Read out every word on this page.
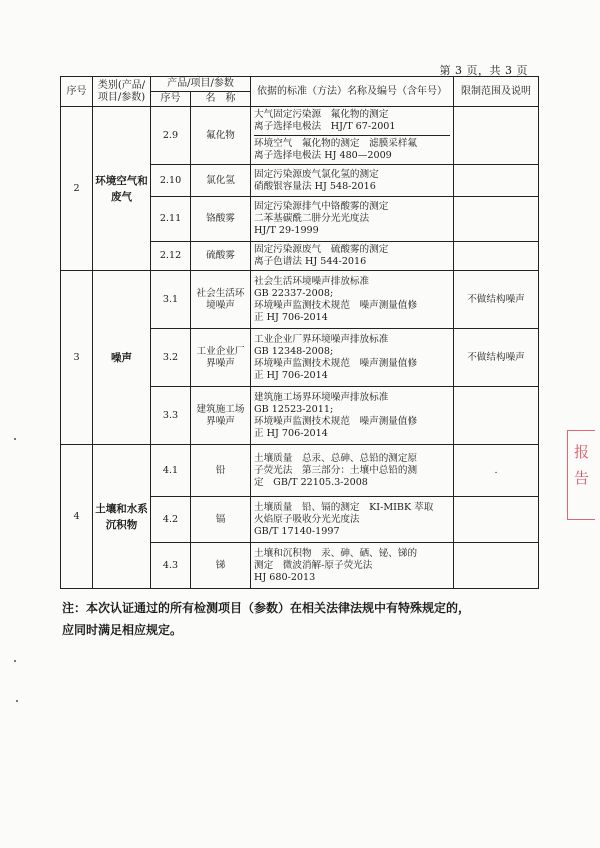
第 3 页，共 3 页
序号	类别(产品/项目/参数)	产品/项目/参数		依据的标准（方法）名称及编号（含年号）	限制范围及说明
		序号	名　称		
2	环境空气和废气	2.9	氟化物	大气固定污染源　氟化物的测定
离子选择电极法　HJ/T 67-2001
环境空气　氟化物的测定　滤膜采样氟
离子选择电极法 HJ 480—2009	

		2.10	氯化氢	固定污染源废气氯化氢的测定
硝酸银容量法 HJ 548-2016	

		2.11	铬酸雾	固定污染源排气中铬酸雾的测定
二苯基碳酰二肼分光光度法
HJ/T 29-1999	

		2.12	硫酸雾	固定污染源废气　硫酸雾的测定
离子色谱法 HJ 544-2016	

3	噪声	3.1	社会生活环境噪声	社会生活环境噪声排放标准
GB 22337-2008;
环境噪声监测技术规范　噪声测量值修
正 HJ 706-2014	不做结构噪声
		3.2	工业企业厂界噪声	工业企业厂界环境噪声排放标准
GB 12348-2008;
环境噪声监测技术规范　噪声测量值修
正 HJ 706-2014	不做结构噪声
		3.3	建筑施工场界噪声	建筑施工场界环境噪声排放标准
GB 12523-2011;
环境噪声监测技术规范　噪声测量值修
正 HJ 706-2014	

4	土壤和水系沉积物	4.1	铅	土壤质量　总汞、总砷、总铅的测定原
子荧光法　第三部分：土壤中总铅的测
定　GB/T 22105.3-2008	.
		4.2	镉	土壤质量　铅、镉的测定　KI-MIBK 萃取
火焰原子吸收分光光度法
GB/T 17140-1997	

		4.3	锑	土壤和沉积物　汞、砷、硒、铋、锑的
测定　微波消解-原子荧光法
HJ 680-2013	

注：本次认证通过的所有检测项目（参数）在相关法律法规中有特殊规定的，
应同时满足相应规定。
报
告
